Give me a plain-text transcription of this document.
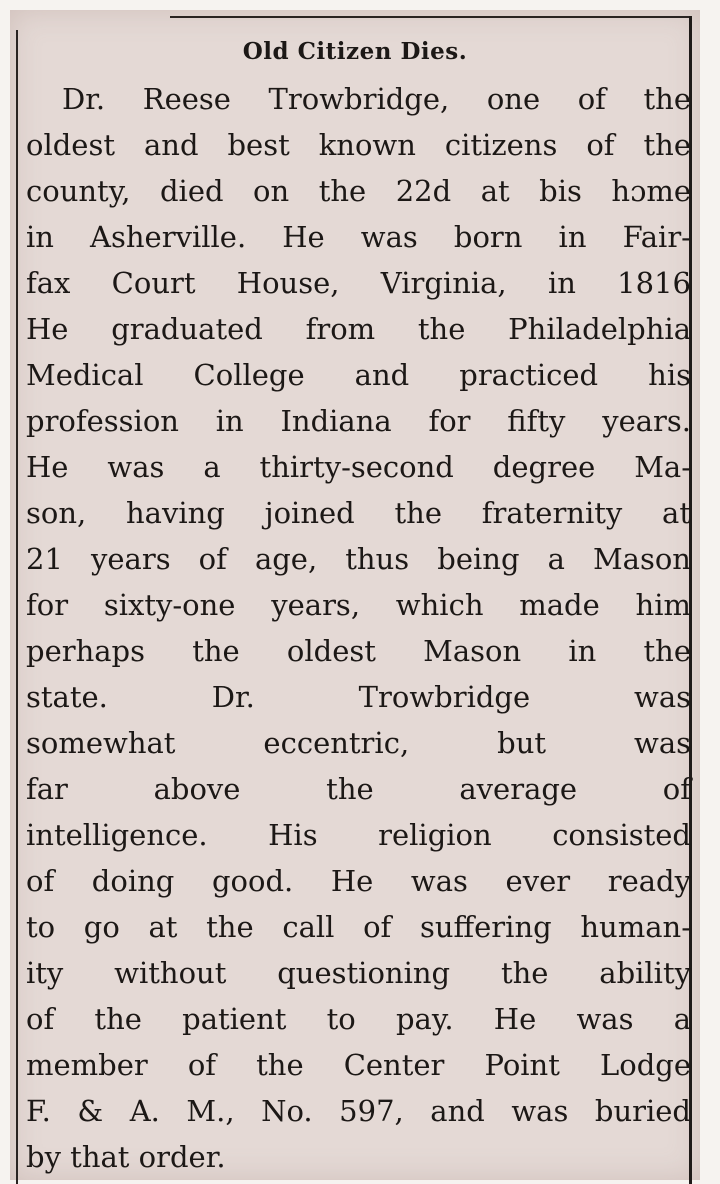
Old Citizen Dies.
Dr. Reese Trowbridge, one of the
oldest and best known citizens of the
county, died on the 22d at bis hɔme
in Asherville. He was born in Fair-
fax Court House, Virginia, in 1816
He graduated from the Philadelphia
Medical College and practiced his
profession in Indiana for fifty years.
He was a thirty-second degree Ma-
son, having joined the fraternity at
21 years of age, thus being a Mason
for sixty-one years, which made him
perhaps the oldest Mason in the
state. Dr. Trowbridge was
somewhat eccentric, but was
far above the average of
intelligence. His religion consisted
of doing good. He was ever ready
to go at the call of suffering human-
ity without questioning the ability
of the patient to pay. He was a
member of the Center Point Lodge
F. & A. M., No. 597, and was buried
by that order.
